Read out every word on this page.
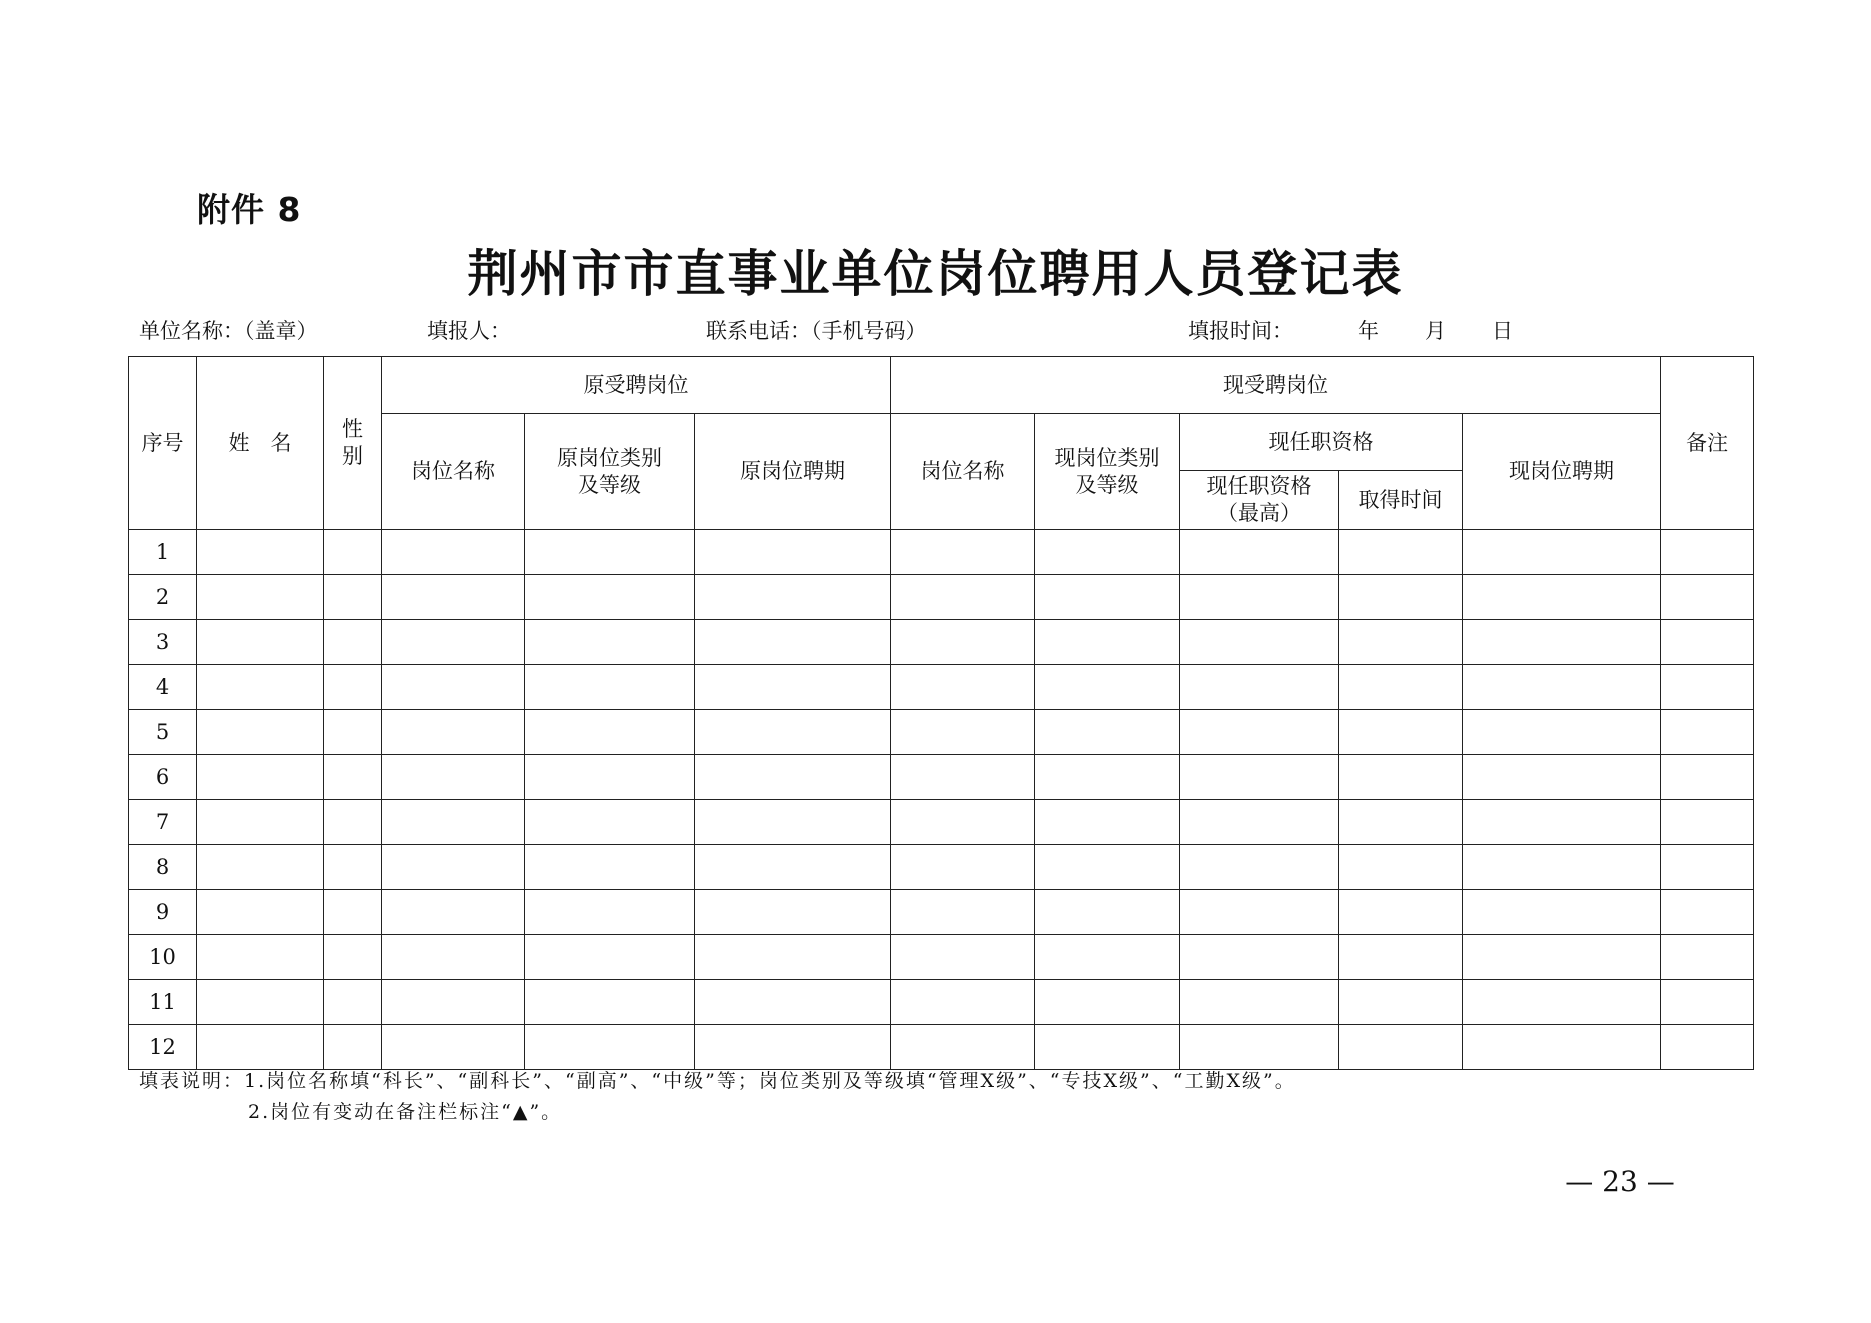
附件 8
荆州市市直事业单位岗位聘用人员登记表
单位名称：（盖章）	填报人：	联系电话：（手机号码）	填报时间：	年 月 日
序号	姓　名	性别	原受聘岗位			现受聘岗位					备注
			岗位名称	原岗位类别及等级	原岗位聘期	岗位名称	现岗位类别及等级	现任职资格		现岗位聘期	

								现任职资格（最高）	取得时间		
1											
2											
3											
4											
5											
6											
7											
8											
9											
10											
11											
12											
填表说明：1.岗位名称填“科长”、“副科长”、“副高”、“中级”等；岗位类别及等级填“管理Ⅹ级”、“专技Ⅹ级”、“工勤Ⅹ级”。
2.岗位有变动在备注栏标注“▲”。
— 23 —
